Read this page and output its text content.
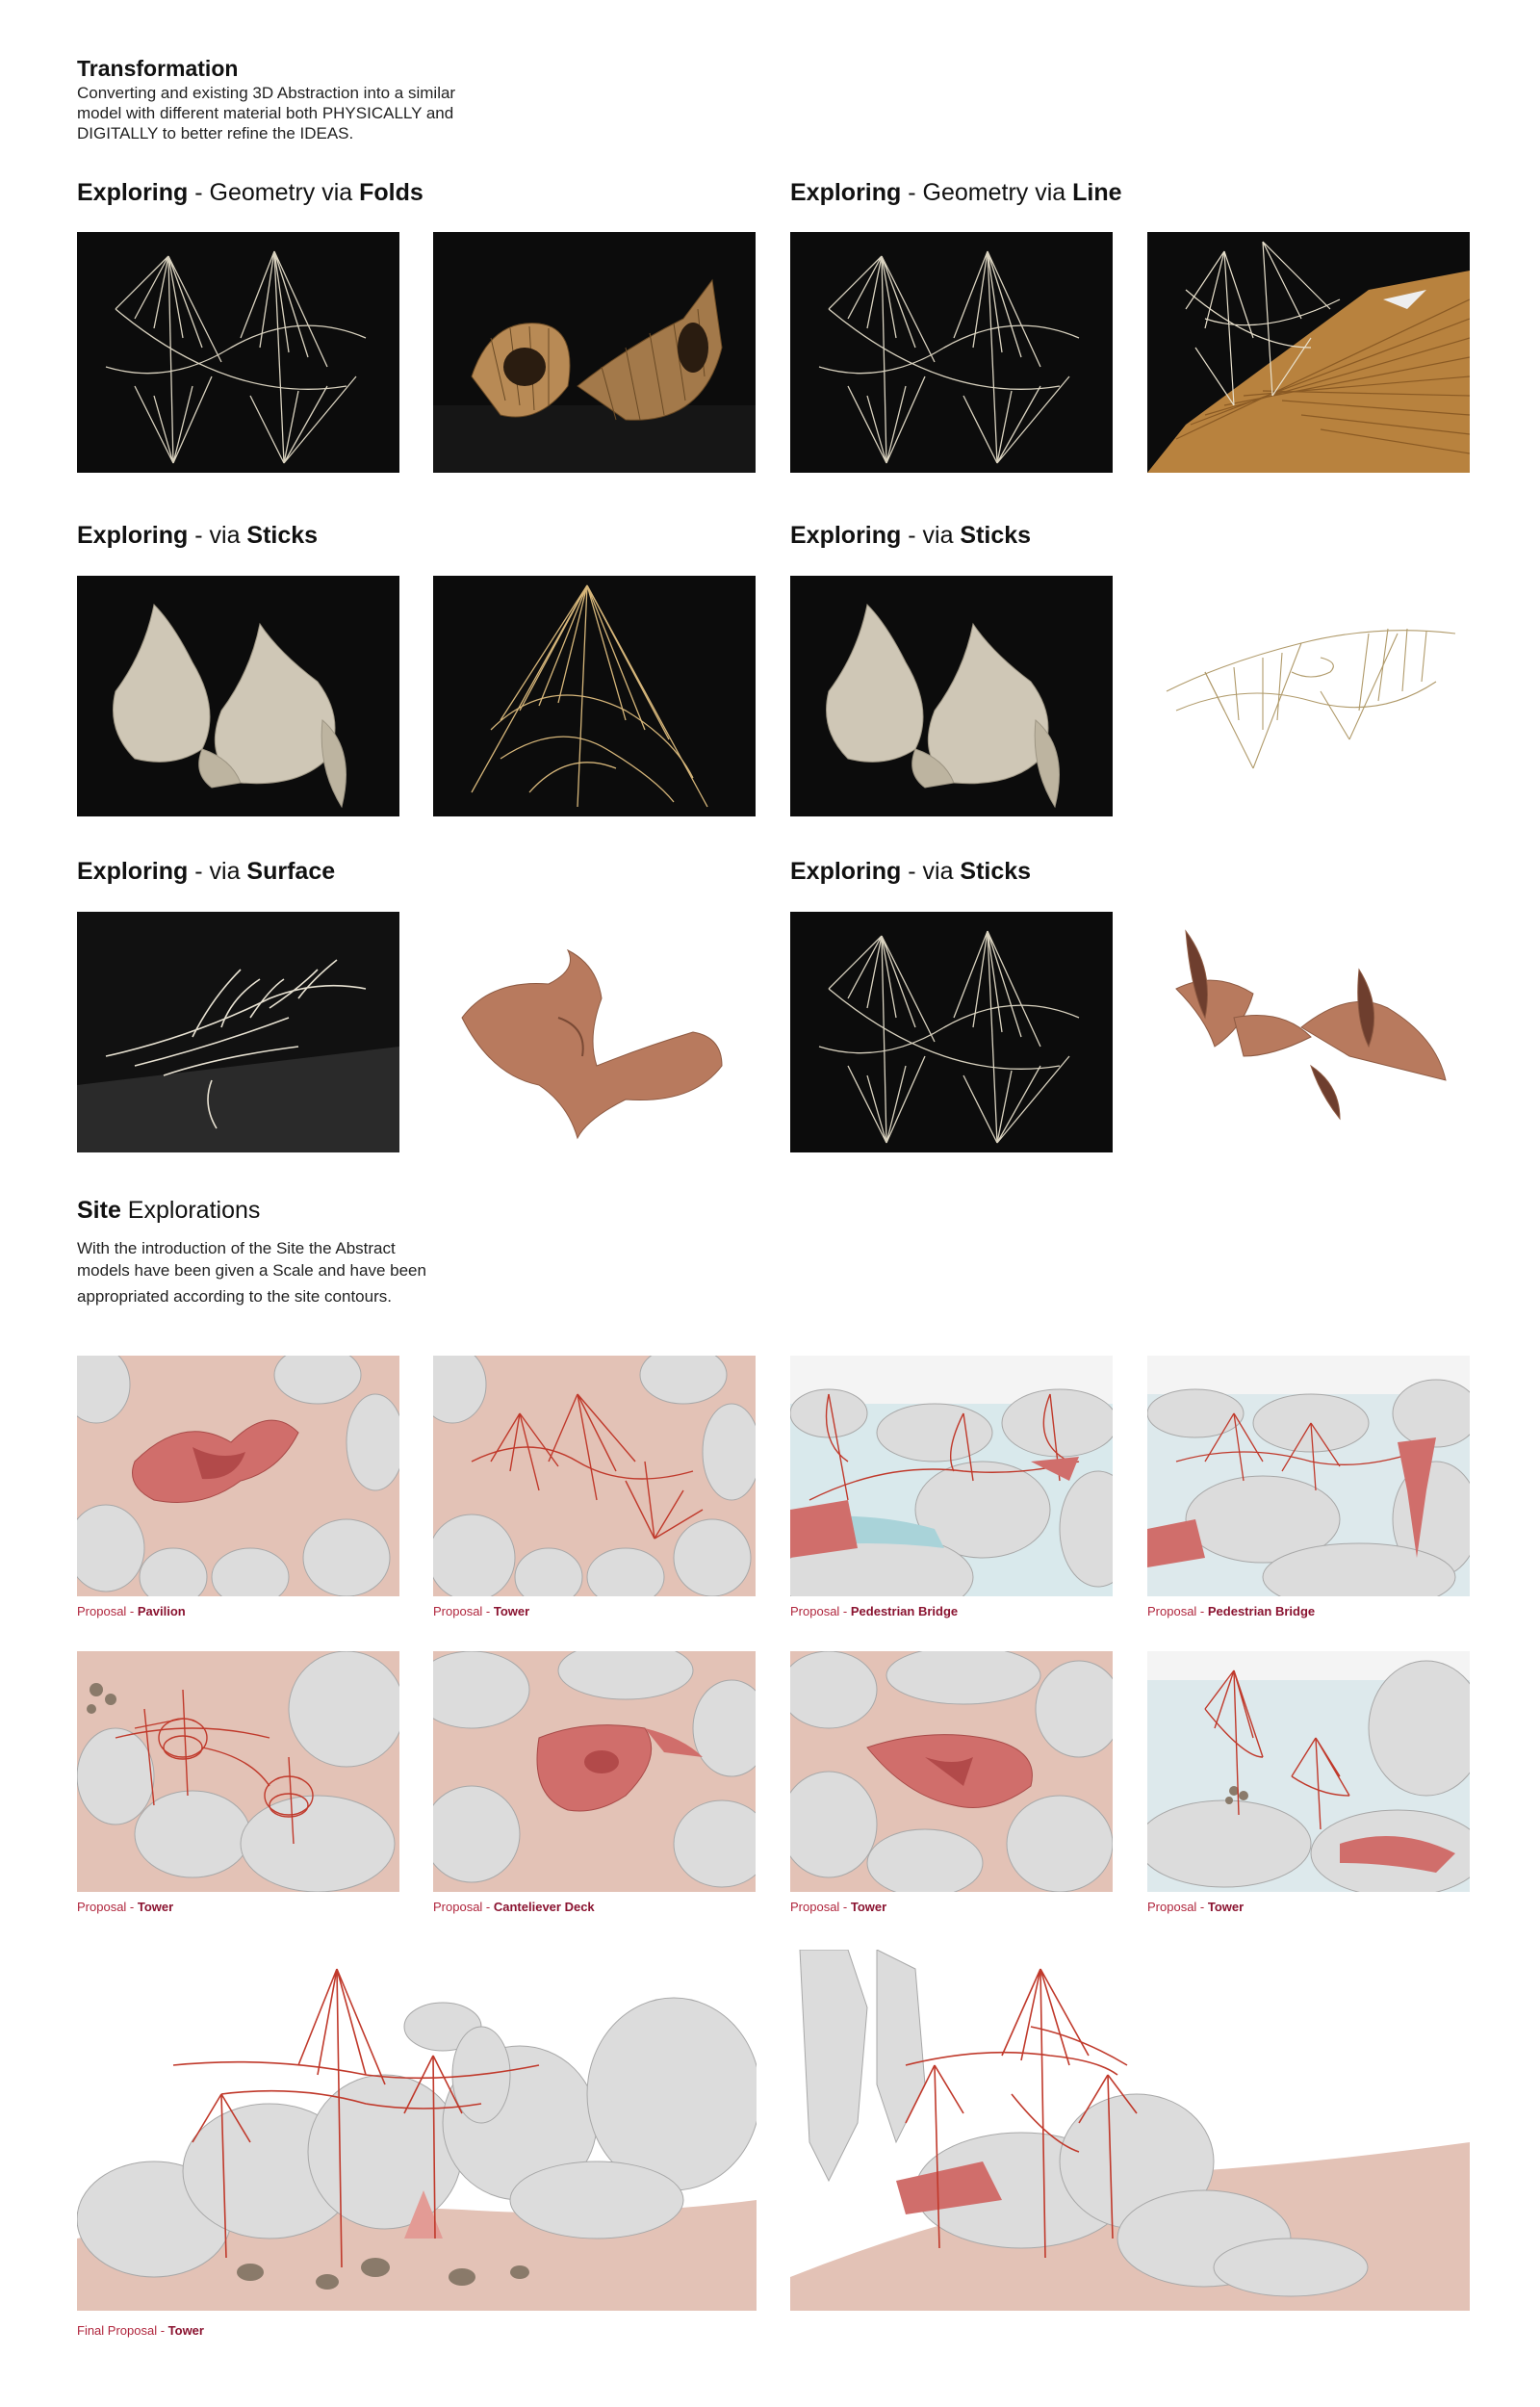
Transformation
Converting and existing 3D Abstraction into a similar
model with different material both PHYSICALLY and
DIGITALLY to better refine the IDEAS.
Exploring - Geometry via Folds	Exploring - Geometry via Line
Exploring - via Sticks	Exploring - via Sticks
Exploring - via Surface	Exploring - via Sticks
Site Explorations
With the introduction of the Site the Abstract
models have been given a Scale and have been
appropriated according to the site contours.
Proposal - Pavilion	Proposal - Tower	Proposal - Pedestrian Bridge	Proposal - Pedestrian Bridge
Proposal - Tower	Proposal - Canteliever Deck	Proposal - Tower	Proposal - Tower
Final Proposal - Tower
